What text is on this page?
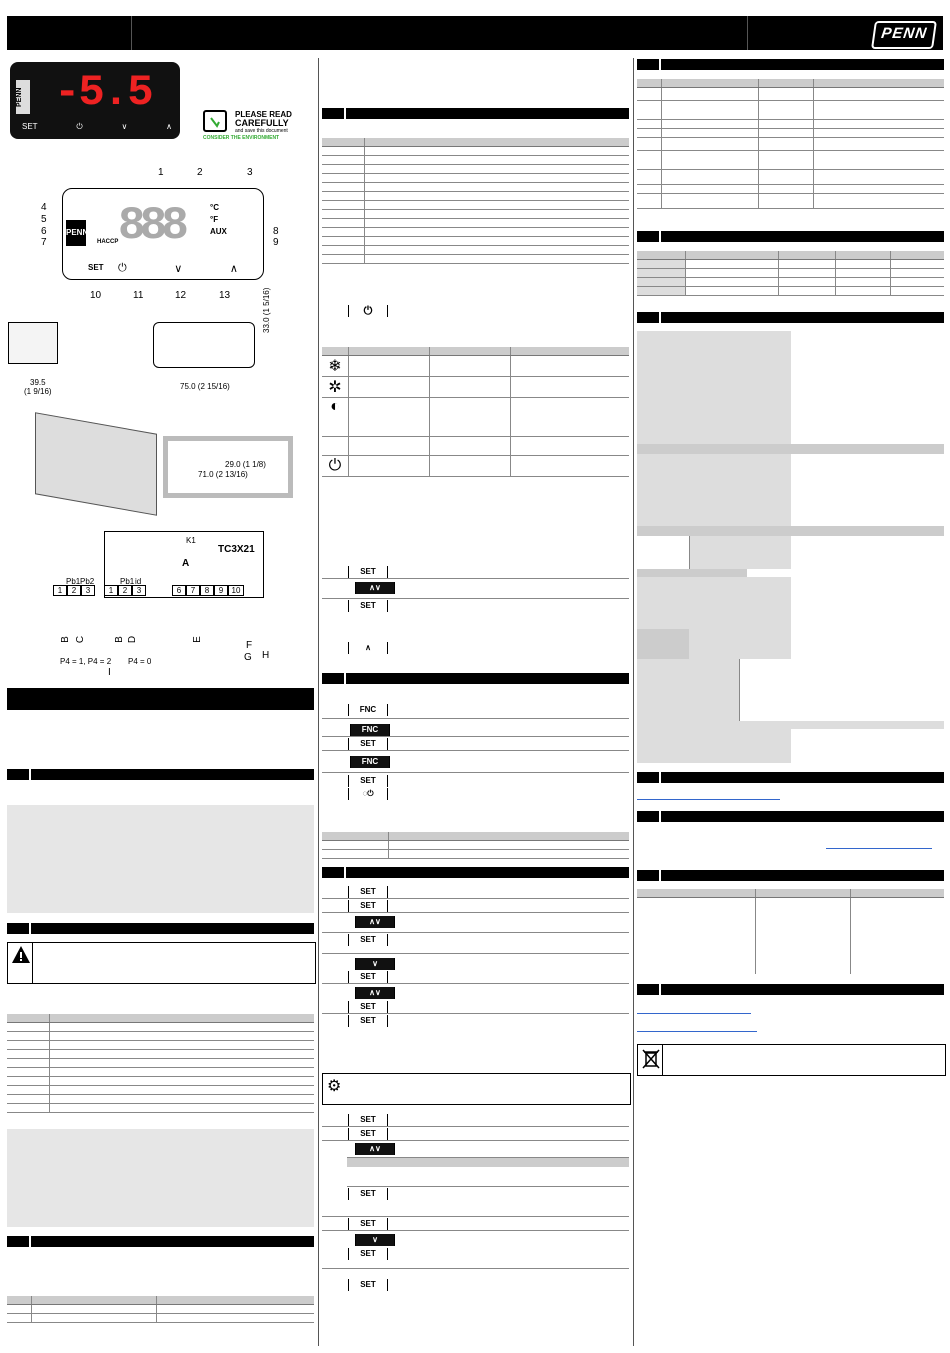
PENN
PENN -5.5
SET	⏻	∨	∧
PLEASE READ
CAREFULLY
and save this document
CONSIDER THE ENVIRONMENT
PENN 888	°C
°F
AUX
HACCP
SET ⏻	∨	∧
1	2	3
4
5
6
7
8
9
10	11	12	13
39.5
(1 9/16)
75.0 (2 15/16)
33.0 (1 5/16)
29.0 (1 1/8)
71.0 (2 13/16)
TC3X21
K1
A
Pb1 Pb2
1	2	3
Pb1 id
1	2	3	6	7	8	9	10
B C	B D	E
F
G H
P4 = 1, P4 = 2 P4 = 0
I

⏻

❄			
✲			
◐			

⏻			
SET
∧∨
SET
∧
FNC
FNC
SET
FNC
SET
◌⏻

SET
SET
∧∨
SET
∨
SET
∧∨
SET
SET
⚙
SET
SET
∧∨
SET
SET
∨
SET
SET
